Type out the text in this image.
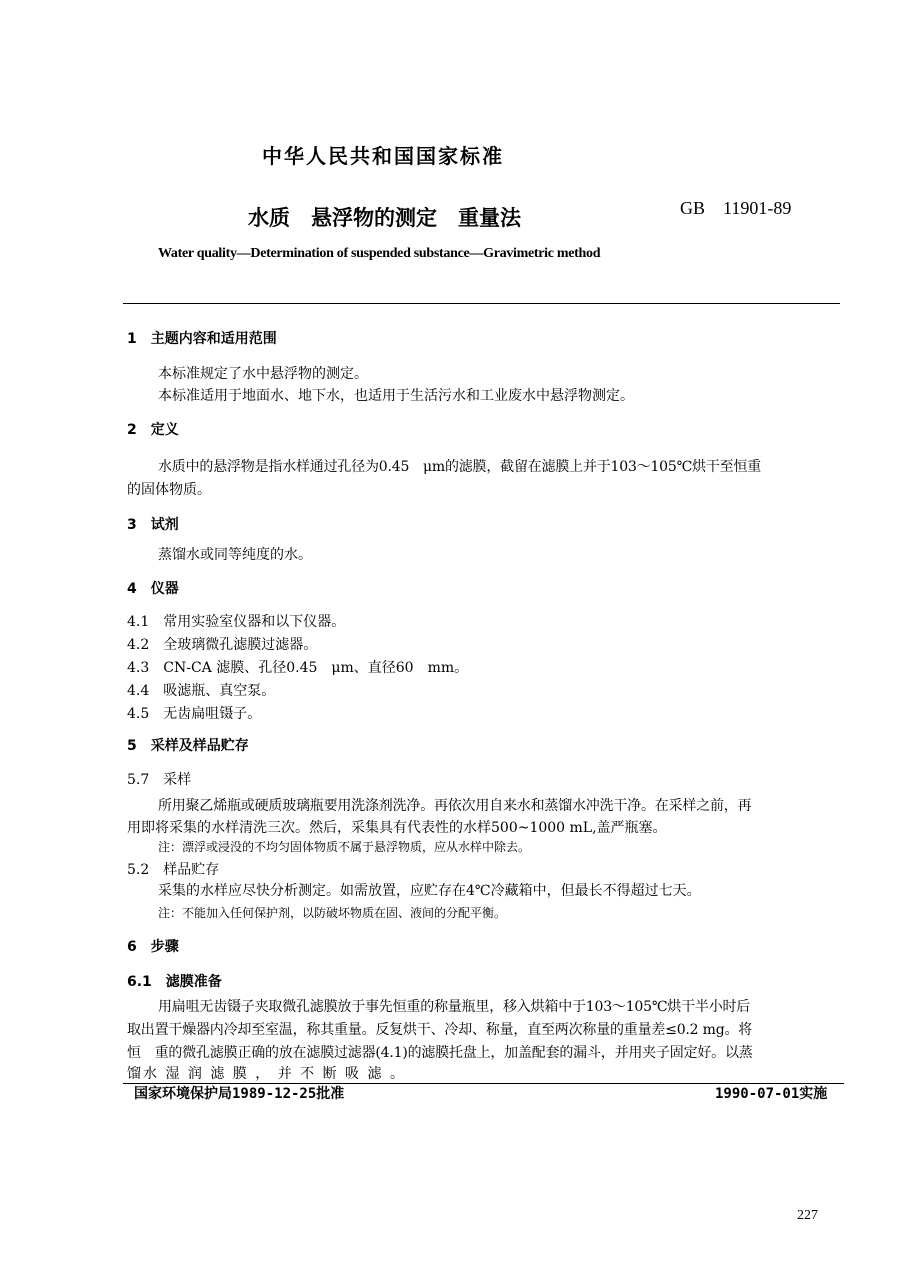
中华人民共和国国家标准
水质　悬浮物的测定　重量法	GB　11901-89
Water quality—Determination of suspended substance—Gravimetric method
1　主题内容和适用范围
本标准规定了水中悬浮物的测定。
本标准适用于地面水、地下水，也适用于生活污水和工业废水中悬浮物测定。
2　定义
水质中的悬浮物是指水样通过孔径为0.45　μm的滤膜，截留在滤膜上并于103～105℃烘干至恒重
的固体物质。
3　试剂
蒸馏水或同等纯度的水。
4　仪器
4.1　常用实验室仪器和以下仪器。
4.2　全玻璃微孔滤膜过滤器。
4.3　CN-CA 滤膜、孔径0.45　μm、直径60　mm。
4.4　吸滤瓶、真空泵。
4.5　无齿扁咀镊子。
5　采样及样品贮存
5.7　采样
所用聚乙烯瓶或硬质玻璃瓶要用洗涤剂洗净。再依次用自来水和蒸馏水冲洗干净。在采样之前，再
用即将采集的水样清洗三次。然后，采集具有代表性的水样500~1000 mL,盖严瓶塞。
注：漂浮或浸没的不均匀固体物质不属于悬浮物质，应从水样中除去。
5.2　样品贮存
采集的水样应尽快分析测定。如需放置，应贮存在4℃冷藏箱中，但最长不得超过七天。
注：不能加入任何保护剂，以防破坏物质在固、液间的分配平衡。
6　步骤
6.1　滤膜准备
用扁咀无齿镊子夹取微孔滤膜放于事先恒重的称量瓶里，移入烘箱中于103～105℃烘干半小时后
取出置干燥器内冷却至室温，称其重量。反复烘干、冷却、称量，直至两次称量的重量差≤0.2 mg。将
恒　重的微孔滤膜正确的放在滤膜过滤器(4.1)的滤膜托盘上，加盖配套的漏斗，并用夹子固定好。以蒸
馏水 湿 润 滤 膜 ， 并 不 断 吸 滤 。
国家环境保护局1989-12-25批准	1990-07-01实施
227
